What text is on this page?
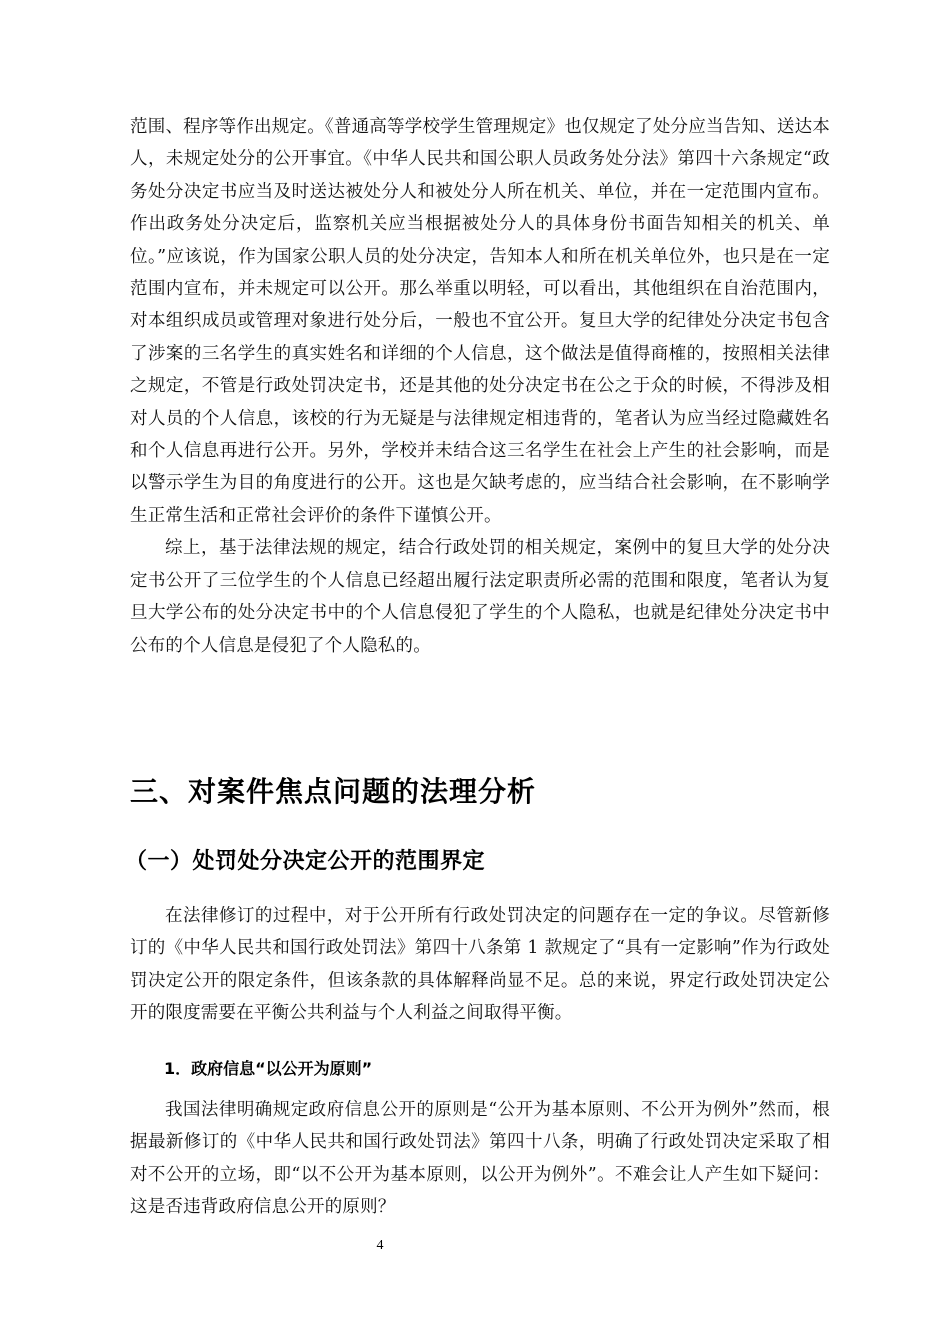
范围、程序等作出规定。《普通高等学校学生管理规定》也仅规定了处分应当告知、送达本人，未规定处分的公开事宜。《中华人民共和国公职人员政务处分法》第四十六条规定“政务处分决定书应当及时送达被处分人和被处分人所在机关、单位，并在一定范围内宣布。作出政务处分决定后，监察机关应当根据被处分人的具体身份书面告知相关的机关、单位。”应该说，作为国家公职人员的处分决定，告知本人和所在机关单位外，也只是在一定范围内宣布，并未规定可以公开。那么举重以明轻，可以看出，其他组织在自治范围内，对本组织成员或管理对象进行处分后，一般也不宜公开。复旦大学的纪律处分决定书包含了涉案的三名学生的真实姓名和详细的个人信息，这个做法是值得商榷的，按照相关法律之规定，不管是行政处罚决定书，还是其他的处分决定书在公之于众的时候，不得涉及相对人员的个人信息，该校的行为无疑是与法律规定相违背的，笔者认为应当经过隐藏姓名和个人信息再进行公开。另外，学校并未结合这三名学生在社会上产生的社会影响，而是以警示学生为目的角度进行的公开。这也是欠缺考虑的，应当结合社会影响，在不影响学生正常生活和正常社会评价的条件下谨慎公开。

综上，基于法律法规的规定，结合行政处罚的相关规定，案例中的复旦大学的处分决定书公开了三位学生的个人信息已经超出履行法定职责所必需的范围和限度，笔者认为复旦大学公布的处分决定书中的个人信息侵犯了学生的个人隐私，也就是纪律处分决定书中公布的个人信息是侵犯了个人隐私的。

三、对案件焦点问题的法理分析
（一）处罚处分决定公开的范围界定

在法律修订的过程中，对于公开所有行政处罚决定的问题存在一定的争议。尽管新修订的《中华人民共和国行政处罚法》第四十八条第 1 款规定了“具有一定影响”作为行政处罚决定公开的限定条件，但该条款的具体解释尚显不足。总的来说，界定行政处罚决定公开的限度需要在平衡公共利益与个人利益之间取得平衡。

1．政府信息“以公开为原则”

我国法律明确规定政府信息公开的原则是“公开为基本原则、不公开为例外”然而，根据最新修订的《中华人民共和国行政处罚法》第四十八条，明确了行政处罚决定采取了相对不公开的立场，即“以不公开为基本原则，以公开为例外”。不难会让人产生如下疑问：这是否违背政府信息公开的原则？

4
